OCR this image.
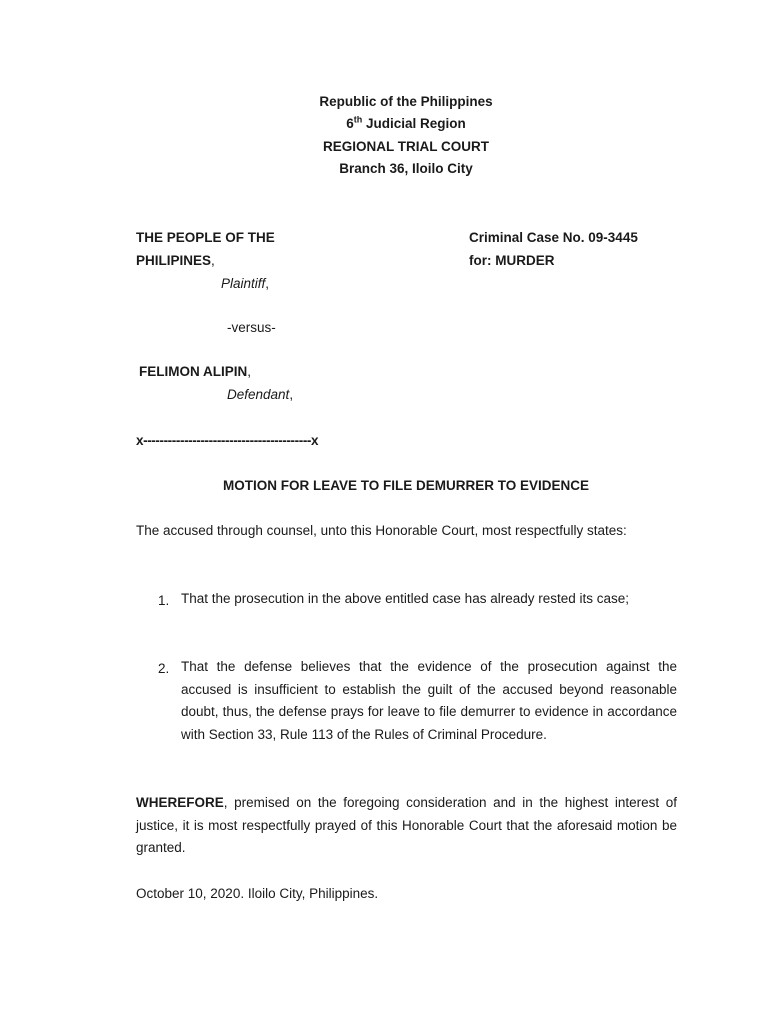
Republic of the Philippines
6th Judicial Region
REGIONAL TRIAL COURT
Branch 36, Iloilo City
THE PEOPLE OF THE
PHILIPINES,
Plaintiff,
-versus-
FELIMON ALIPIN,
Defendant,
Criminal Case No. 09-3445
for: MURDER
x-----------------------------------------x
MOTION FOR LEAVE TO FILE DEMURRER TO EVIDENCE
The accused through counsel, unto this Honorable Court, most respectfully states:
1. That the prosecution in the above entitled case has already rested its case;
2. That the defense believes that the evidence of the prosecution against the accused is insufficient to establish the guilt of the accused beyond reasonable doubt, thus, the defense prays for leave to file demurrer to evidence in accordance with Section 33, Rule 113 of the Rules of Criminal Procedure.
WHEREFORE, premised on the foregoing consideration and in the highest interest of justice, it is most respectfully prayed of this Honorable Court that the aforesaid motion be granted.
October 10, 2020. Iloilo City, Philippines.
